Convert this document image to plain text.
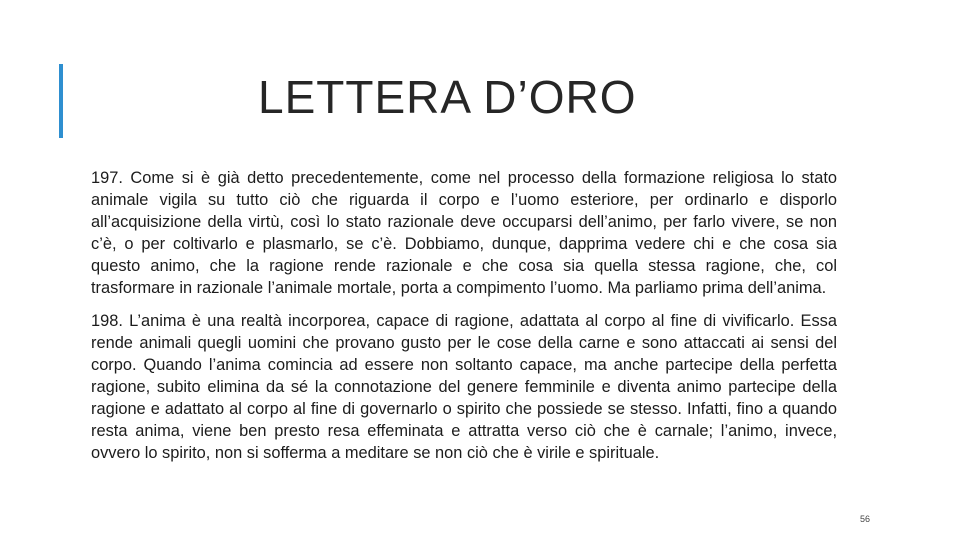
LETTERA D’ORO

197. Come si è già detto precedentemente, come nel processo della formazione religiosa lo stato animale vigila su tutto ciò che riguarda il corpo e l’uomo esteriore, per ordinarlo e disporlo all’acquisizione della virtù, così lo stato razionale deve occuparsi dell’animo, per farlo vivere, se non c’è, o per coltivarlo e plasmarlo, se c’è. Dobbiamo, dunque, dapprima vedere chi e che cosa sia questo animo, che la ragione rende razionale e che cosa sia quella stessa ragione, che, col trasformare in razionale l’animale mortale, porta a compimento l’uomo. Ma parliamo prima dell’anima.

198. L’anima è una realtà incorporea, capace di ragione, adattata al corpo al fine di vivificarlo. Essa rende animali quegli uomini che provano gusto per le cose della carne e sono attaccati ai sensi del corpo. Quando l’anima comincia ad essere non soltanto capace, ma anche partecipe della perfetta ragione, subito elimina da sé la connotazione del genere femminile e diventa animo partecipe della ragione e adattato al corpo al fine di governarlo o spirito che possiede se stesso. Infatti, fino a quando resta anima, viene ben presto resa effeminata e attratta verso ciò che è carnale; l’animo, invece, ovvero lo spirito, non si sofferma a meditare se non ciò che è virile e spirituale.

56
